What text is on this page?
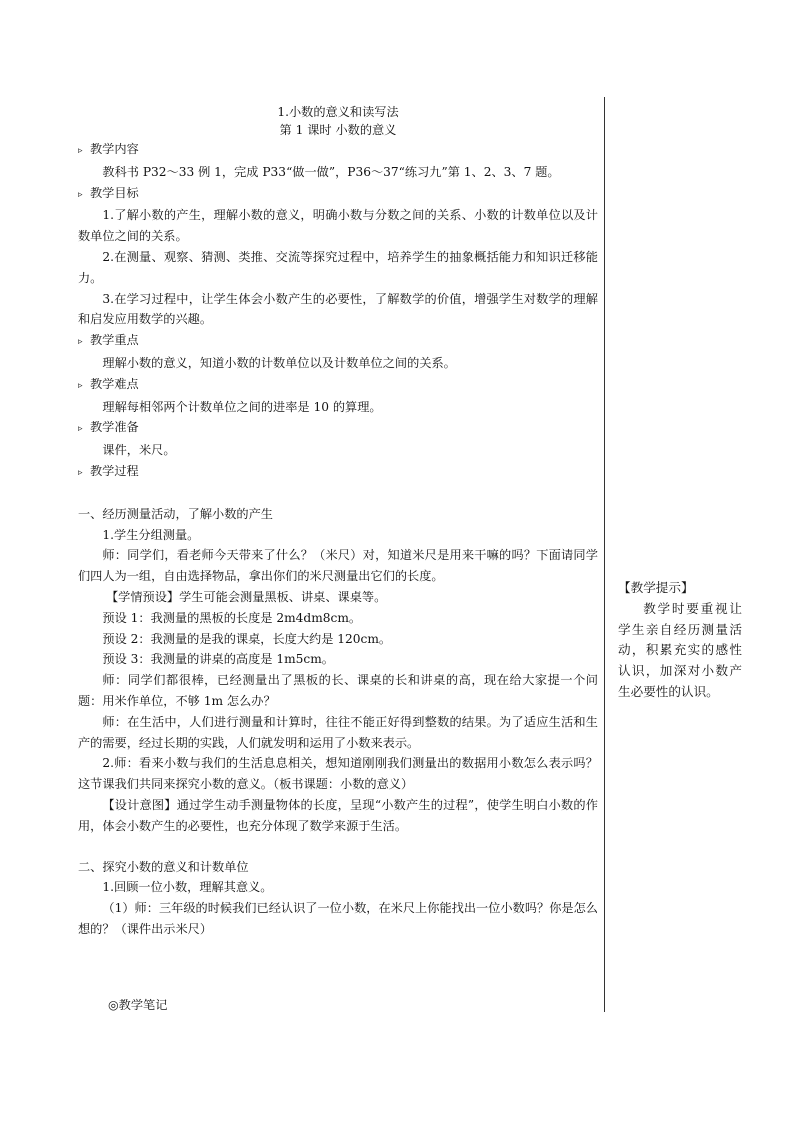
1.小数的意义和读写法
第 1 课时 小数的意义

▹ 教学内容

教科书 P32～33 例 1，完成 P33“做一做”，P36～37“练习九”第 1、2、3、7 题。

▹ 教学目标

1.了解小数的产生，理解小数的意义，明确小数与分数之间的关系、小数的计数单位以及计数单位之间的关系。

2.在测量、观察、猜测、类推、交流等探究过程中，培养学生的抽象概括能力和知识迁移能力。

3.在学习过程中，让学生体会小数产生的必要性，了解数学的价值，增强学生对数学的理解和启发应用数学的兴趣。

▹ 教学重点

理解小数的意义，知道小数的计数单位以及计数单位之间的关系。

▹ 教学难点

理解每相邻两个计数单位之间的进率是 10 的算理。

▹ 教学准备

课件，米尺。

▹ 教学过程

一、经历测量活动，了解小数的产生

1.学生分组测量。

师：同学们，看老师今天带来了什么？（米尺）对，知道米尺是用来干嘛的吗？下面请同学们四人为一组，自由选择物品，拿出你们的米尺测量出它们的长度。

【学情预设】学生可能会测量黑板、讲桌、课桌等。

预设 1：我测量的黑板的长度是 2m4dm8cm。

预设 2：我测量的是我的课桌，长度大约是 120cm。

预设 3：我测量的讲桌的高度是 1m5cm。

师：同学们都很棒，已经测量出了黑板的长、课桌的长和讲桌的高，现在给大家提一个问题：用米作单位，不够 1m 怎么办？

师：在生活中，人们进行测量和计算时，往往不能正好得到整数的结果。为了适应生活和生产的需要，经过长期的实践，人们就发明和运用了小数来表示。

2.师：看来小数与我们的生活息息相关，想知道刚刚我们测量出的数据用小数怎么表示吗？这节课我们共同来探究小数的意义。（板书课题：小数的意义）

【设计意图】通过学生动手测量物体的长度，呈现“小数产生的过程”，使学生明白小数的作用，体会小数产生的必要性，也充分体现了数学来源于生活。

二、探究小数的意义和计数单位

1.回顾一位小数，理解其意义。

（1）师：三年级的时候我们已经认识了一位小数，在米尺上你能找出一位小数吗？你是怎么想的？（课件出示米尺）

【教学提示】

教学时要重视让学生亲自经历测量活动，积累充实的感性认识，加深对小数产生必要性的认识。

◎教学笔记
